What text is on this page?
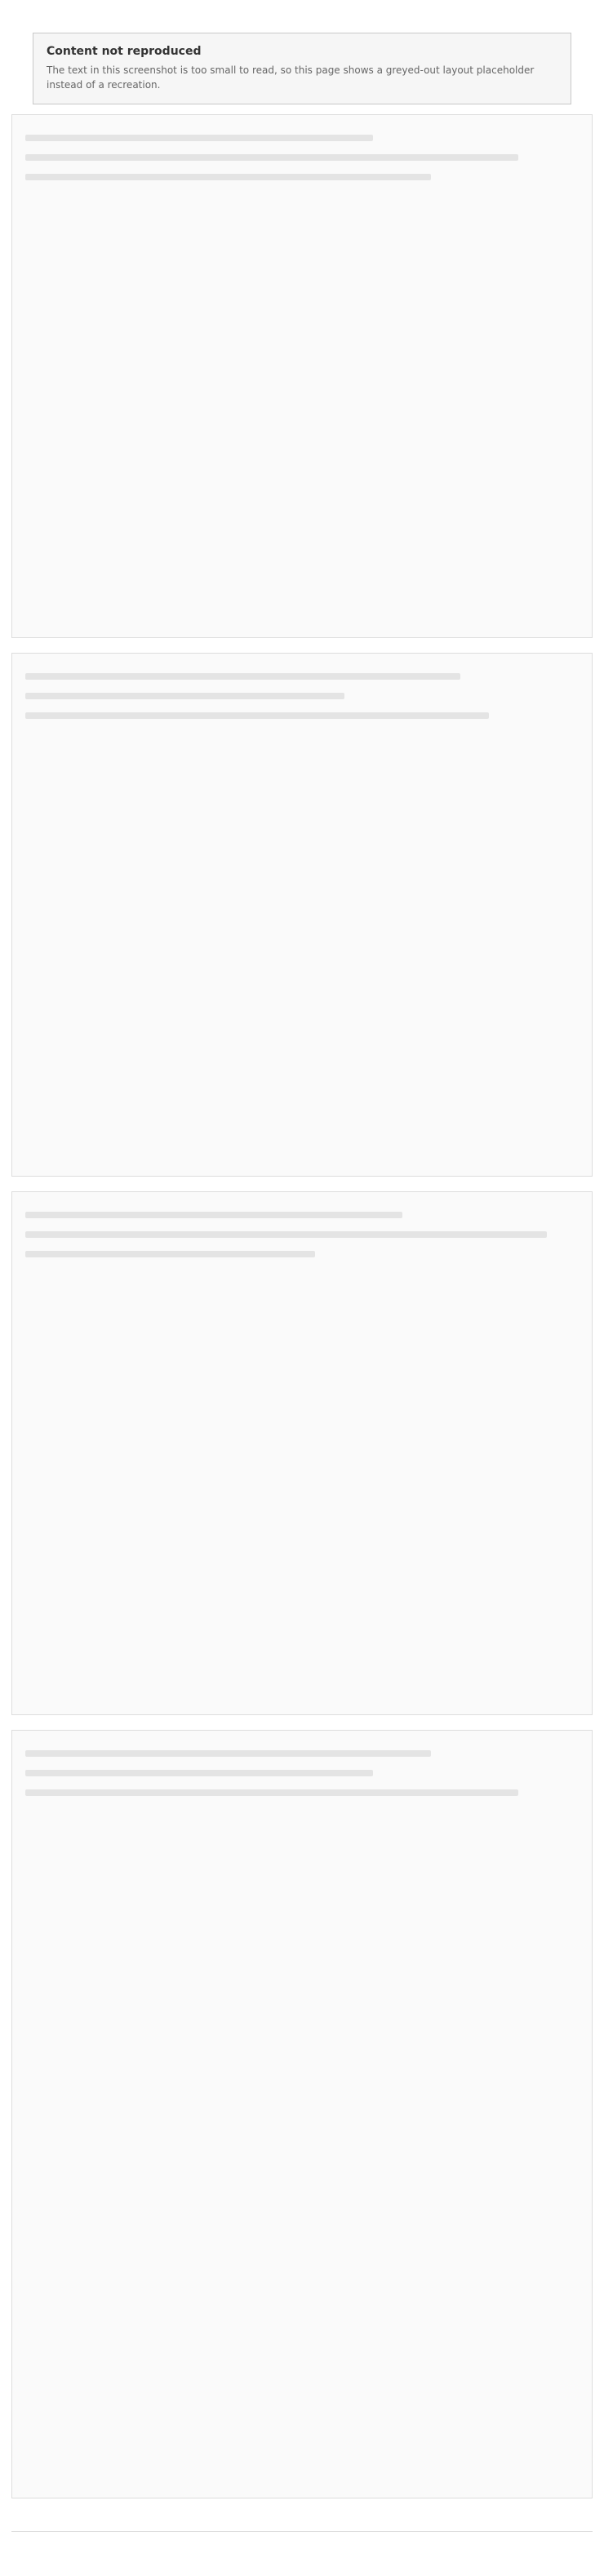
Content not reproduced
The text in this screenshot is too small to read, so this page shows a greyed-out layout placeholder instead of a recreation.
